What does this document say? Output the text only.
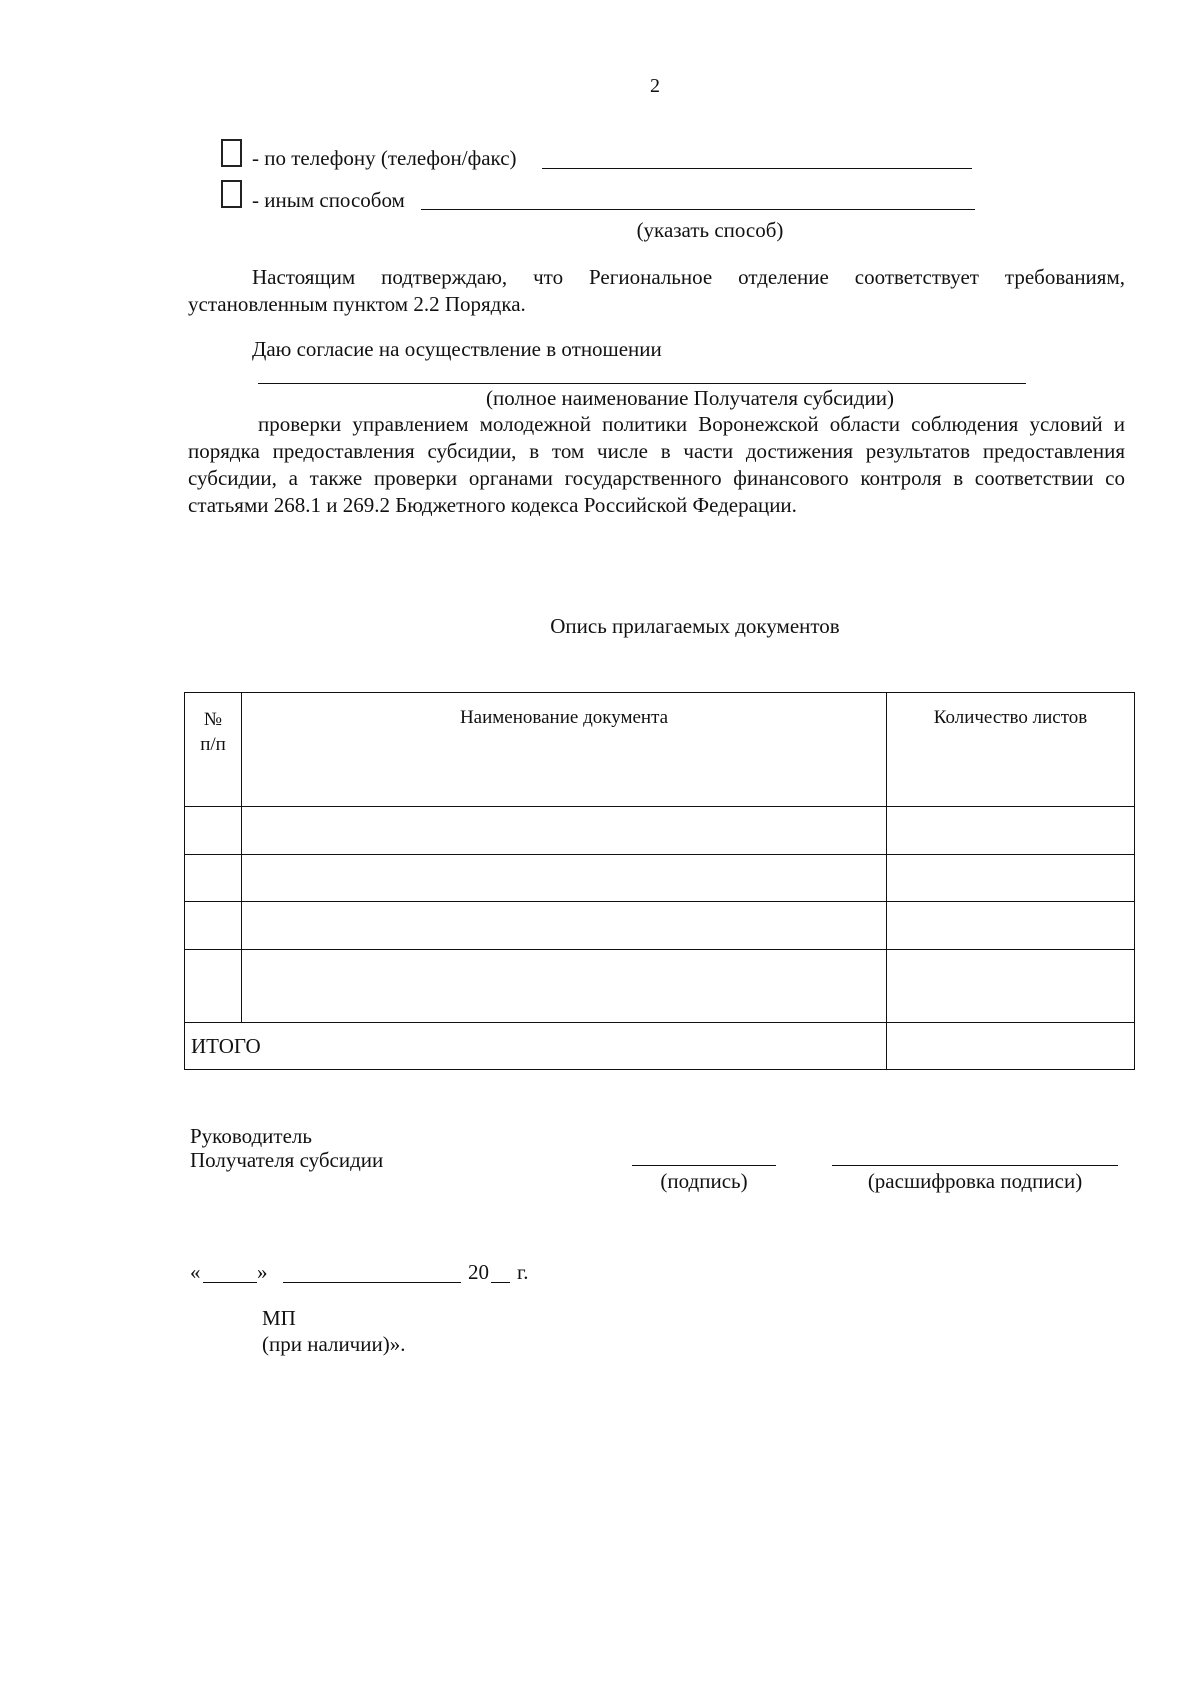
2
- по телефону (телефон/факс)
- иным способом
(указать способ)
Настоящим подтверждаю, что Региональное отделение соответствует требованиям, установленным пунктом 2.2 Порядка.
Даю согласие на осуществление в отношении
(полное наименование Получателя субсидии)
проверки управлением молодежной политики Воронежской области соблюдения условий и порядка предоставления субсидии, в том числе в части достижения результатов предоставления субсидии, а также проверки органами государственного финансового контроля в соответствии со статьями 268.1 и 269.2 Бюджетного кодекса Российской Федерации.
Опись прилагаемых документов
№
п/п	Наименование документа	Количество листов

ИТОГО		
Руководитель
Получателя субсидии
(подпись)	(расшифровка подписи)
«	»	20 г.
МП
(при наличии)».
